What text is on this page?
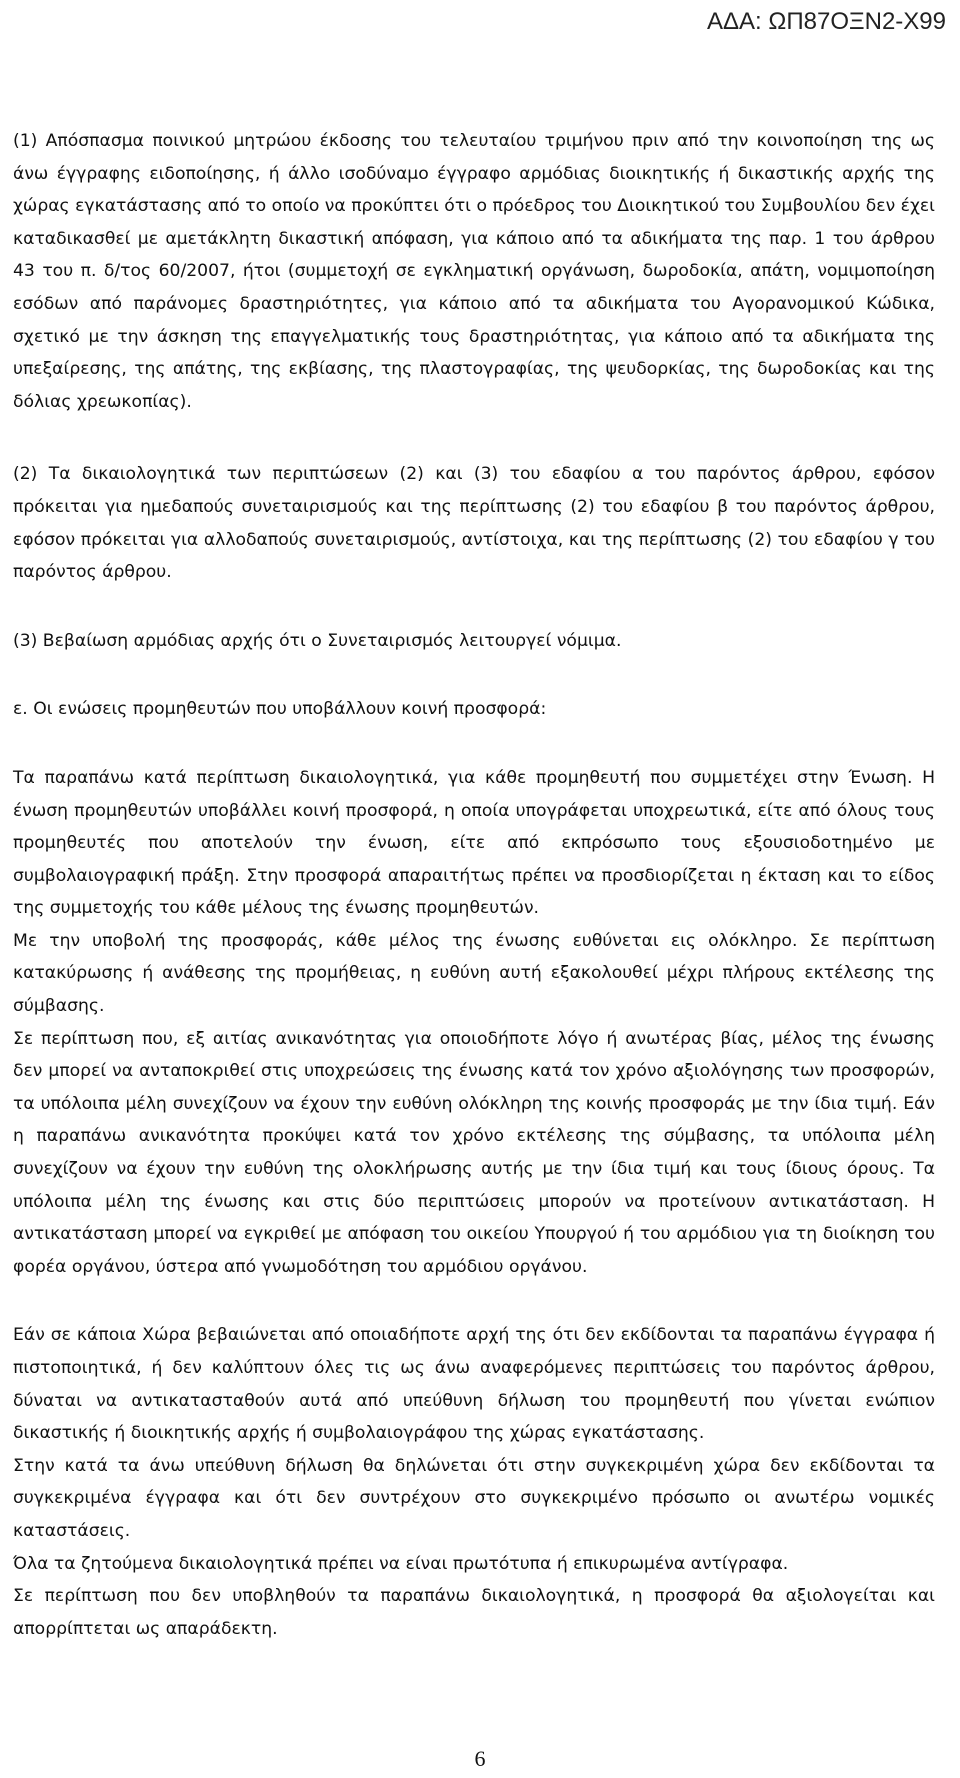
ΑΔΑ: ΩΠ87ΟΞΝ2-Χ99

(1) Απόσπασμα ποινικού μητρώου έκδοσης του τελευταίου τριμήνου πριν από την κοινοποίηση της ως άνω έγγραφης ειδοποίησης, ή άλλο ισοδύναμο έγγραφο αρμόδιας διοικητικής ή δικαστικής αρχής της χώρας εγκατάστασης από το οποίο να προκύπτει ότι ο πρόεδρος του Διοικητικού του Συμβουλίου δεν έχει καταδικασθεί με αμετάκλητη δικαστική απόφαση, για κάποιο από τα αδικήματα της παρ. 1 του άρθρου 43 του π. δ/τος 60/2007, ήτοι (συμμετοχή σε εγκληματική οργάνωση, δωροδοκία, απάτη, νομιμοποίηση εσόδων από παράνομες δραστηριότητες, για κάποιο από τα αδικήματα του Αγορανομικού Κώδικα, σχετικό με την άσκηση της επαγγελματικής τους δραστηριότητας, για κάποιο από τα αδικήματα της υπεξαίρεσης, της απάτης, της εκβίασης, της πλαστογραφίας, της ψευδορκίας, της δωροδοκίας και της δόλιας χρεωκοπίας).

(2) Τα δικαιολογητικά των περιπτώσεων (2) και (3) του εδαφίου α του παρόντος άρθρου, εφόσον πρόκειται για ημεδαπούς συνεταιρισμούς και της περίπτωσης (2) του εδαφίου β του παρόντος άρθρου, εφόσον πρόκειται για αλλοδαπούς συνεταιρισμούς, αντίστοιχα, και της περίπτωσης (2) του εδαφίου γ του παρόντος άρθρου.

(3) Βεβαίωση αρμόδιας αρχής ότι ο Συνεταιρισμός λειτουργεί νόμιμα.

ε. Οι ενώσεις προμηθευτών που υποβάλλουν κοινή προσφορά:

Τα παραπάνω κατά περίπτωση δικαιολογητικά, για κάθε προμηθευτή που συμμετέχει στην Ένωση. Η ένωση προμηθευτών υποβάλλει κοινή προσφορά, η οποία υπογράφεται υποχρεωτικά, είτε από όλους τους προμηθευτές που αποτελούν την ένωση, είτε από εκπρόσωπο τους εξουσιοδοτημένο με συμβολαιογραφική πράξη. Στην προσφορά απαραιτήτως πρέπει να προσδιορίζεται η έκταση και το είδος της συμμετοχής του κάθε μέλους της ένωσης προμηθευτών.

Με την υποβολή της προσφοράς, κάθε μέλος της ένωσης ευθύνεται εις ολόκληρο. Σε περίπτωση κατακύρωσης ή ανάθεσης της προμήθειας, η ευθύνη αυτή εξακολουθεί μέχρι πλήρους εκτέλεσης της σύμβασης.

Σε περίπτωση που, εξ αιτίας ανικανότητας για οποιοδήποτε λόγο ή ανωτέρας βίας, μέλος της ένωσης δεν μπορεί να ανταποκριθεί στις υποχρεώσεις της ένωσης κατά τον χρόνο αξιολόγησης των προσφορών, τα υπόλοιπα μέλη συνεχίζουν να έχουν την ευθύνη ολόκληρη της κοινής προσφοράς με την ίδια τιμή. Εάν η παραπάνω ανικανότητα προκύψει κατά τον χρόνο εκτέλεσης της σύμβασης, τα υπόλοιπα μέλη συνεχίζουν να έχουν την ευθύνη της ολοκλήρωσης αυτής με την ίδια τιμή και τους ίδιους όρους. Τα υπόλοιπα μέλη της ένωσης και στις δύο περιπτώσεις μπορούν να προτείνουν αντικατάσταση. Η αντικατάσταση μπορεί να εγκριθεί με απόφαση του οικείου Υπουργού ή του αρμόδιου για τη διοίκηση του φορέα οργάνου, ύστερα από γνωμοδότηση του αρμόδιου οργάνου.

Εάν σε κάποια Χώρα βεβαιώνεται από οποιαδήποτε αρχή της ότι δεν εκδίδονται τα παραπάνω έγγραφα ή πιστοποιητικά, ή δεν καλύπτουν όλες τις ως άνω αναφερόμενες περιπτώσεις του παρόντος άρθρου, δύναται να αντικατασταθούν αυτά από υπεύθυνη δήλωση του προμηθευτή που γίνεται ενώπιον δικαστικής ή διοικητικής αρχής ή συμβολαιογράφου της χώρας εγκατάστασης.

Στην κατά τα άνω υπεύθυνη δήλωση θα δηλώνεται ότι στην συγκεκριμένη χώρα δεν εκδίδονται τα συγκεκριμένα έγγραφα και ότι δεν συντρέχουν στο συγκεκριμένο πρόσωπο οι ανωτέρω νομικές καταστάσεις.

Όλα τα ζητούμενα δικαιολογητικά πρέπει να είναι πρωτότυπα ή επικυρωμένα αντίγραφα.

Σε περίπτωση που δεν υποβληθούν τα παραπάνω δικαιολογητικά, η προσφορά θα αξιολογείται και απορρίπτεται ως απαράδεκτη.

6
